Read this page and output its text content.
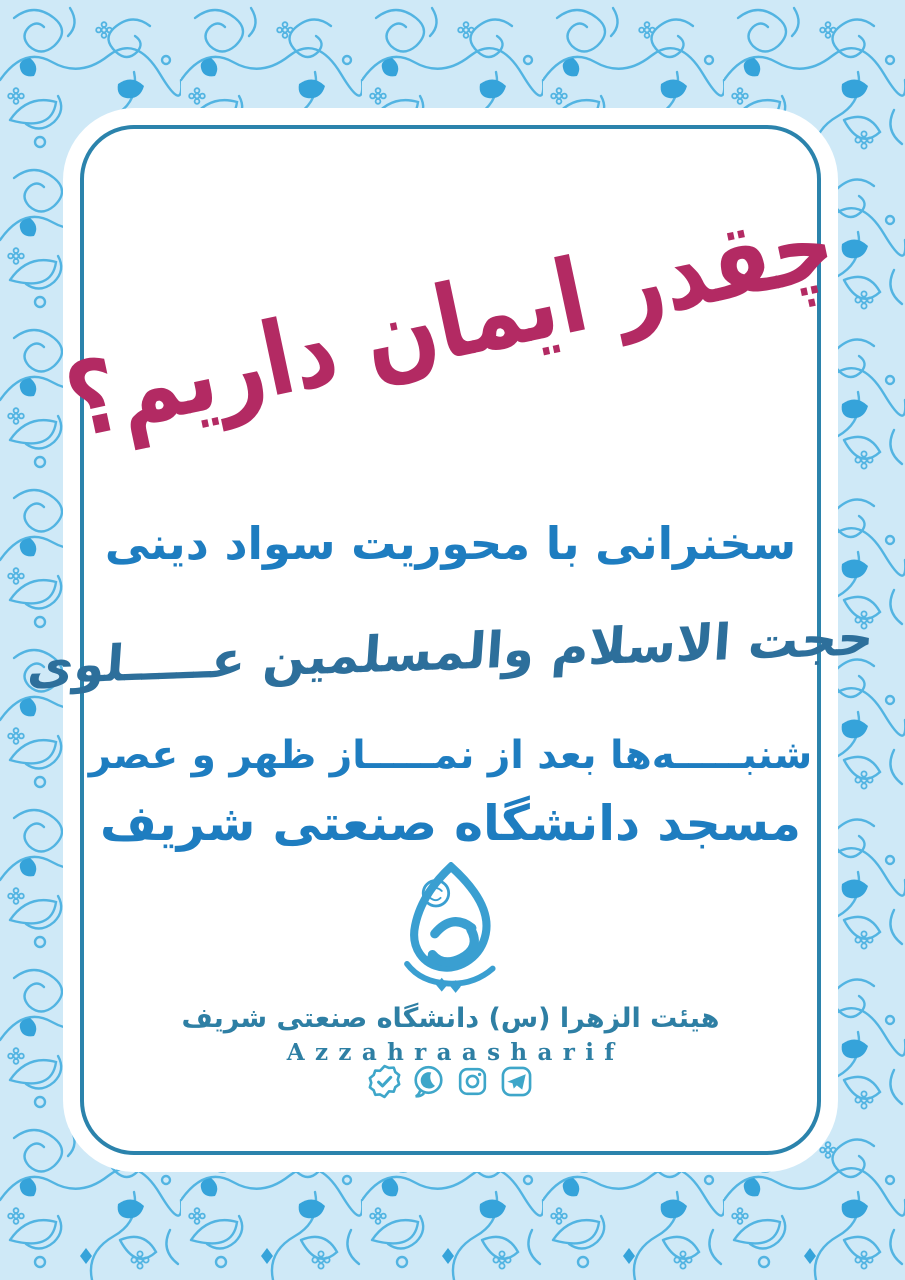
چقدر ایمان داریم؟
سخنرانی با محوریت سواد دینی
حجت الاسلام والمسلمین عـــــلوی
شنبـــــه‌ها بعد از نمـــــاز ظهر و عصر
مسجد دانشگاه صنعتی شریف
هیئت الزهرا (س) دانشگاه صنعتی شریف
Azzahraasharif
